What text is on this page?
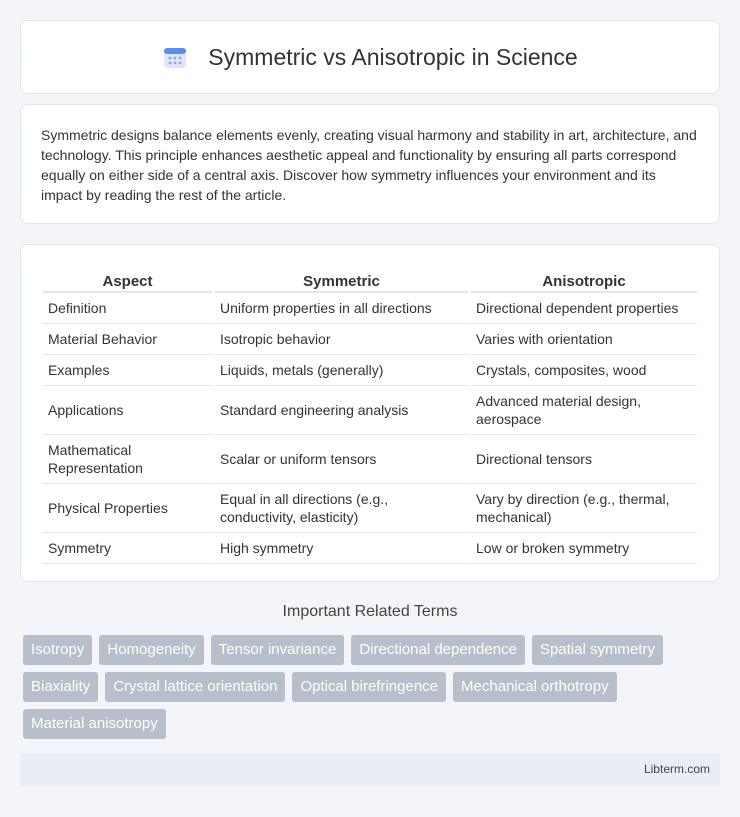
Symmetric vs Anisotropic in Science

Symmetric designs balance elements evenly, creating visual harmony and stability in art, architecture, and technology. This principle enhances aesthetic appeal and functionality by ensuring all parts correspond equally on either side of a central axis. Discover how symmetry influences your environment and its impact by reading the rest of the article.

Aspect	Symmetric	Anisotropic
Definition	Uniform properties in all directions	Directional dependent properties
Material Behavior	Isotropic behavior	Varies with orientation
Examples	Liquids, metals (generally)	Crystals, composites, wood
Applications	Standard engineering analysis	Advanced material design, aerospace
Mathematical Representation	Scalar or uniform tensors	Directional tensors
Physical Properties	Equal in all directions (e.g., conductivity, elasticity)	Vary by direction (e.g., thermal, mechanical)
Symmetry	High symmetry	Low or broken symmetry
Important Related Terms
Isotropy	Homogeneity	Tensor invariance	Directional dependence	Spatial symmetry
Biaxiality	Crystal lattice orientation	Optical birefringence	Mechanical orthotropy
Material anisotropy
Libterm.com
